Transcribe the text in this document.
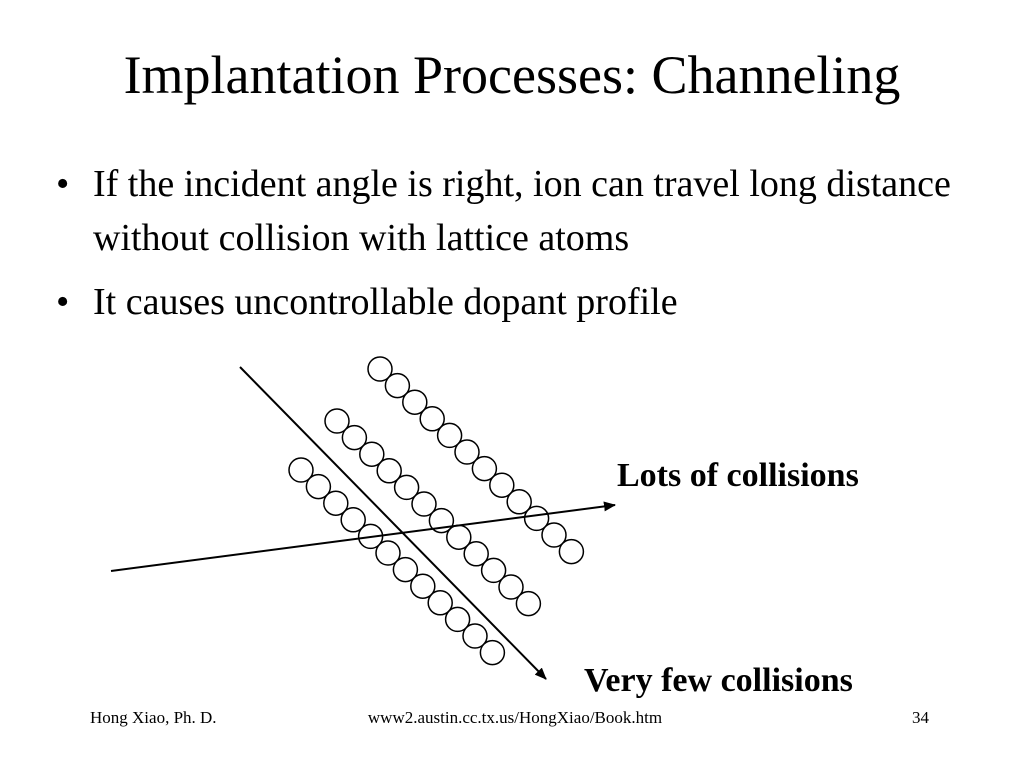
Implantation Processes: Channeling
• If the incident angle is right, ion can travel long distance without collision with lattice atoms
• It causes uncontrollable dopant profile
Lots of collisions
Very few collisions
Hong Xiao, Ph. D.	www2.austin.cc.tx.us/HongXiao/Book.htm	34
